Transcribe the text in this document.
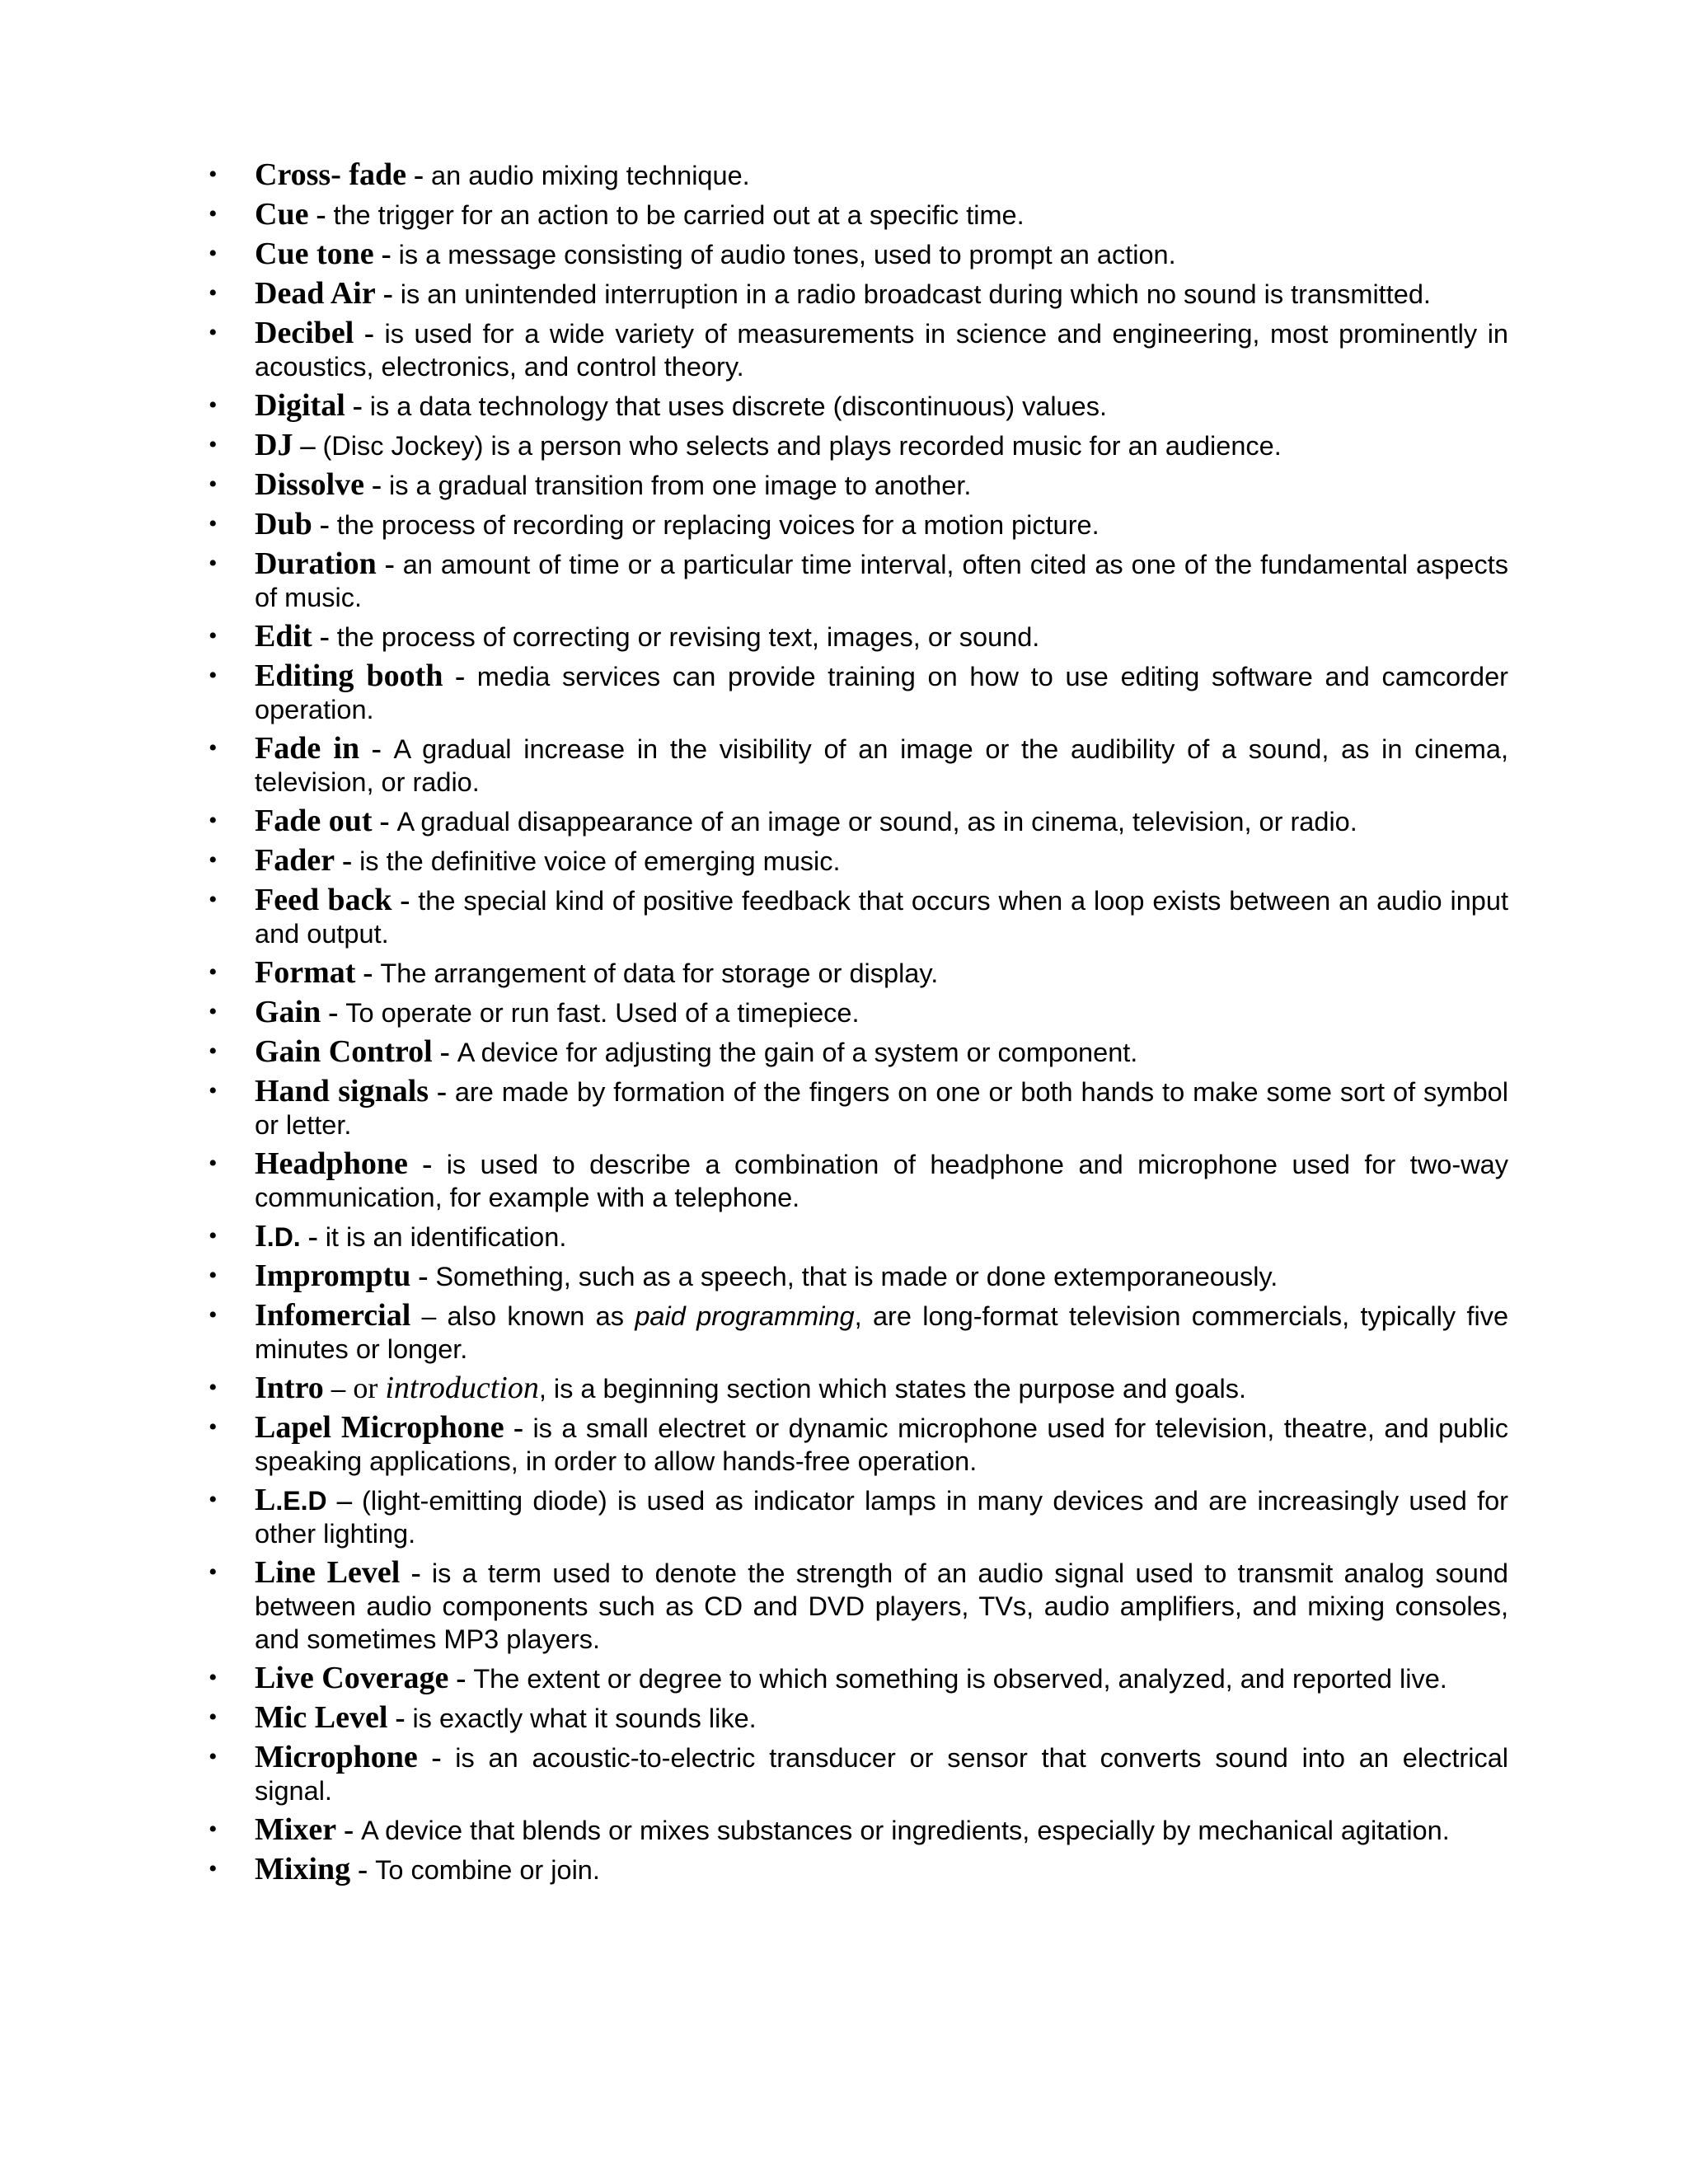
• Cross- fade - an audio mixing technique.
• Cue - the trigger for an action to be carried out at a specific time.
• Cue tone - is a message consisting of audio tones, used to prompt an action.
• Dead Air - is an unintended interruption in a radio broadcast during which no sound is transmitted.
• Decibel - is used for a wide variety of measurements in science and engineering, most prominently in acoustics, electronics, and control theory.
• Digital - is a data technology that uses discrete (discontinuous) values.
• DJ – (Disc Jockey) is a person who selects and plays recorded music for an audience.
• Dissolve - is a gradual transition from one image to another.
• Dub - the process of recording or replacing voices for a motion picture.
• Duration - an amount of time or a particular time interval, often cited as one of the fundamental aspects of music.
• Edit - the process of correcting or revising text, images, or sound.
• Editing booth - media services can provide training on how to use editing software and camcorder operation.
• Fade in - A gradual increase in the visibility of an image or the audibility of a sound, as in cinema, television, or radio.
• Fade out - A gradual disappearance of an image or sound, as in cinema, television, or radio.
• Fader - is the definitive voice of emerging music.
• Feed back - the special kind of positive feedback that occurs when a loop exists between an audio input and output.
• Format - The arrangement of data for storage or display.
• Gain - To operate or run fast. Used of a timepiece.
• Gain Control - A device for adjusting the gain of a system or component.
• Hand signals - are made by formation of the fingers on one or both hands to make some sort of symbol or letter.
• Headphone - is used to describe a combination of headphone and microphone used for two-way communication, for example with a telephone.
• I.D. - it is an identification.
• Impromptu - Something, such as a speech, that is made or done extemporaneously.
• Infomercial – also known as paid programming, are long-format television commercials, typically five minutes or longer.
• Intro – or introduction, is a beginning section which states the purpose and goals.
• Lapel Microphone - is a small electret or dynamic microphone used for television, theatre, and public speaking applications, in order to allow hands-free operation.
• L.E.D – (light-emitting diode) is used as indicator lamps in many devices and are increasingly used for other lighting.
• Line Level - is a term used to denote the strength of an audio signal used to transmit analog sound between audio components such as CD and DVD players, TVs, audio amplifiers, and mixing consoles, and sometimes MP3 players.
• Live Coverage - The extent or degree to which something is observed, analyzed, and reported live.
• Mic Level - is exactly what it sounds like.
• Microphone - is an acoustic-to-electric transducer or sensor that converts sound into an electrical signal.
• Mixer - A device that blends or mixes substances or ingredients, especially by mechanical agitation.
• Mixing - To combine or join.
